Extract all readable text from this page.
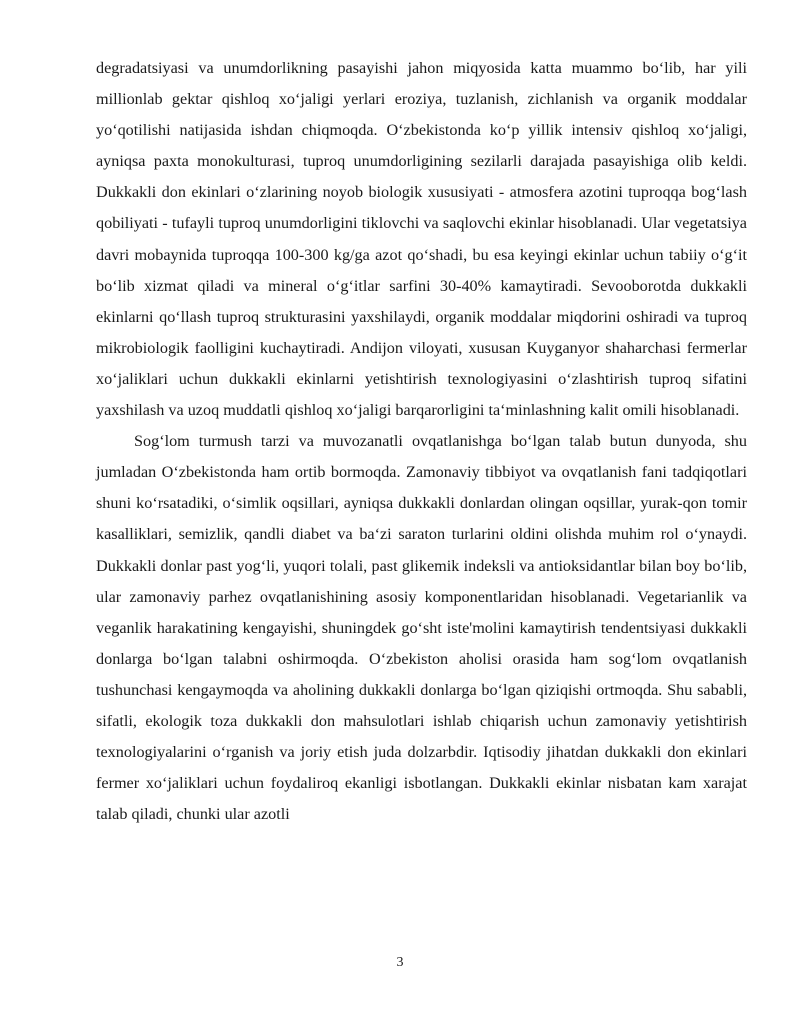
degradatsiyasi va unumdorlikning pasayishi jahon miqyosida katta muammo bo‘lib, har yili millionlab gektar qishloq xo‘jaligi yerlari eroziya, tuzlanish, zichlanish va organik moddalar yo‘qotilishi natijasida ishdan chiqmoqda. O‘zbekistonda ko‘p yillik intensiv qishloq xo‘jaligi, ayniqsa paxta monokulturasi, tuproq unumdorligining sezilarli darajada pasayishiga olib keldi. Dukkakli don ekinlari o‘zlarining noyob biologik xususiyati - atmosfera azotini tuproqqa bog‘lash qobiliyati - tufayli tuproq unumdorligini tiklovchi va saqlovchi ekinlar hisoblanadi. Ular vegetatsiya davri mobaynida tuproqqa 100-300 kg/ga azot qo‘shadi, bu esa keyingi ekinlar uchun tabiiy o‘g‘it bo‘lib xizmat qiladi va mineral o‘g‘itlar sarfini 30-40% kamaytiradi. Sevooborotda dukkakli ekinlarni qo‘llash tuproq strukturasini yaxshilaydi, organik moddalar miqdorini oshiradi va tuproq mikrobiologik faolligini kuchaytiradi. Andijon viloyati, xususan Kuyganyor shaharchasi fermerlar xo‘jaliklari uchun dukkakli ekinlarni yetishtirish texnologiyasini o‘zlashtirish tuproq sifatini yaxshilash va uzoq muddatli qishloq xo‘jaligi barqarorligini ta‘minlashning kalit omili hisoblanadi.

Sog‘lom turmush tarzi va muvozanatli ovqatlanishga bo‘lgan talab butun dunyoda, shu jumladan O‘zbekistonda ham ortib bormoqda. Zamonaviy tibbiyot va ovqatlanish fani tadqiqotlari shuni ko‘rsatadiki, o‘simlik oqsillari, ayniqsa dukkakli donlardan olingan oqsillar, yurak-qon tomir kasalliklari, semizlik, qandli diabet va ba‘zi saraton turlarini oldini olishda muhim rol o‘ynaydi. Dukkakli donlar past yog‘li, yuqori tolali, past glikemik indeksli va antioksidantlar bilan boy bo‘lib, ular zamonaviy parhez ovqatlanishining asosiy komponentlaridan hisoblanadi. Vegetarianlik va veganlik harakatining kengayishi, shuningdek go‘sht iste'molini kamaytirish tendentsiyasi dukkakli donlarga bo‘lgan talabni oshirmoqda. O‘zbekiston aholisi orasida ham sog‘lom ovqatlanish tushunchasi kengaymoqda va aholining dukkakli donlarga bo‘lgan qiziqishi ortmoqda. Shu sababli, sifatli, ekologik toza dukkakli don mahsulotlari ishlab chiqarish uchun zamonaviy yetishtirish texnologiyalarini o‘rganish va joriy etish juda dolzarbdir. Iqtisodiy jihatdan dukkakli don ekinlari fermer xo‘jaliklari uchun foydaliroq ekanligi isbotlangan. Dukkakli ekinlar nisbatan kam xarajat talab qiladi, chunki ular azotli

3
